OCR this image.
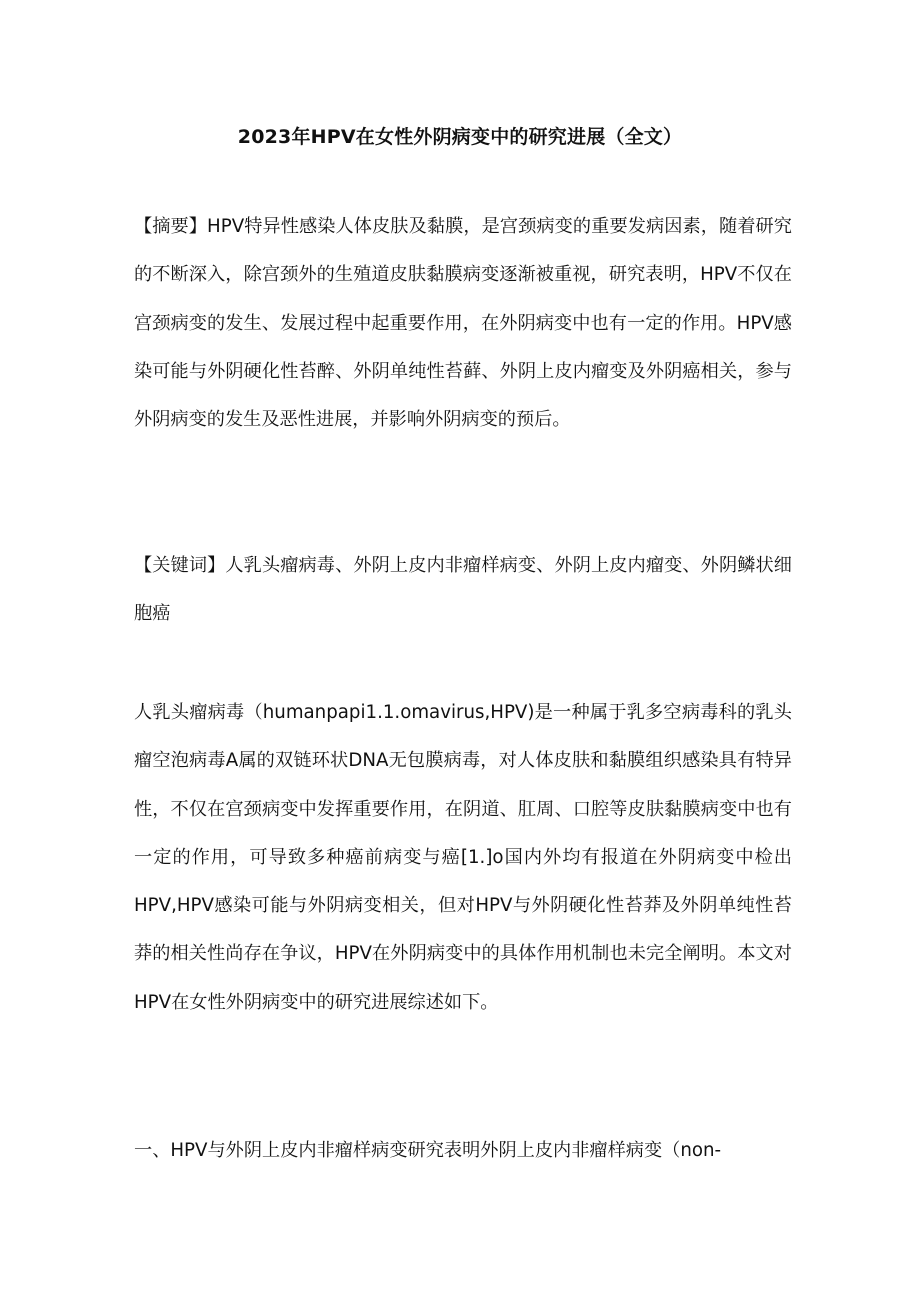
2023年HPV在女性外阴病变中的研究进展（全文）

【摘要】HPV特异性感染人体皮肤及黏膜，是宫颈病变的重要发病因素，随着研究的不断深入，除宫颈外的生殖道皮肤黏膜病变逐渐被重视，研究表明，HPV不仅在宫颈病变的发生、发展过程中起重要作用，在外阴病变中也有一定的作用。HPV感染可能与外阴硬化性苔醉、外阴单纯性苔藓、外阴上皮内瘤变及外阴癌相关，参与外阴病变的发生及恶性进展，并影响外阴病变的预后。

【关键词】人乳头瘤病毒、外阴上皮内非瘤样病变、外阴上皮内瘤变、外阴鳞状细胞癌

人乳头瘤病毒（humanpapi1.1.omavirus,HPV)是一种属于乳多空病毒科的乳头瘤空泡病毒A属的双链环状DNA无包膜病毒，对人体皮肤和黏膜组织感染具有特异性，不仅在宫颈病变中发挥重要作用，在阴道、肛周、口腔等皮肤黏膜病变中也有一定的作用，可导致多种癌前病变与癌[1.]o国内外均有报道在外阴病变中检出HPV,HPV感染可能与外阴病变相关，但对HPV与外阴硬化性苔莽及外阴单纯性苔莽的相关性尚存在争议，HPV在外阴病变中的具体作用机制也未完全阐明。本文对HPV在女性外阴病变中的研究进展综述如下。

一、HPV与外阴上皮内非瘤样病变研究表明外阴上皮内非瘤样病变（non-
